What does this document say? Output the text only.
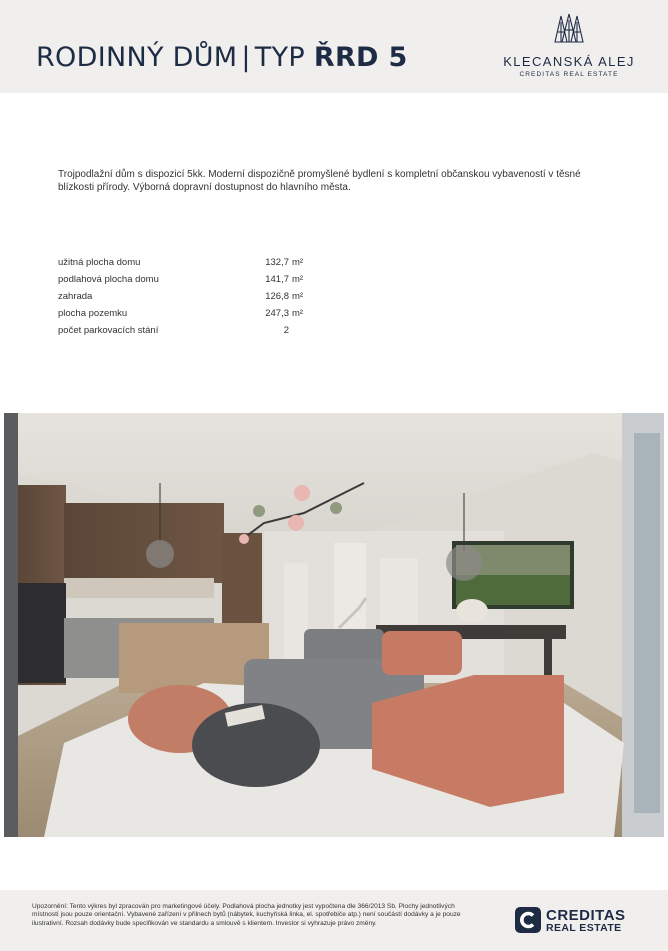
RODINNÝ DŮM | TYP ŘRD 5	KLECANSKÁ ALEJ
CREDITAS REAL ESTATE

Trojpodlažní dům s dispozicí 5kk. Moderní dispozičně promyšlené bydlení s kompletní občanskou vybaveností v těsné blízkosti přírody. Výborná dopravní dostupnost do hlavního města.

užitná plocha domu	132,7 m²
podlahová plocha domu	141,7 m²
zahrada	126,8 m²
plocha pozemku	247,3 m²
počet parkovacích stání	2

Upozornění: Tento výkres byl zpracován pro marketingové účely. Podlahová plocha jednotky jest vypočtena dle 366/2013 Sb. Plochy jednotlivých místností jsou pouze orientační. Vybavené zařízení v přilnech bytů (nábytek, kuchyňská linka, el. spotřebiče atp.) není součástí dodávky a je pouze ilustrativní. Rozsah dodávky bude specifikován ve standardu a smlouvě s klientem. Investor si vyhrazuje právo změny.	CREDITAS
REAL ESTATE
